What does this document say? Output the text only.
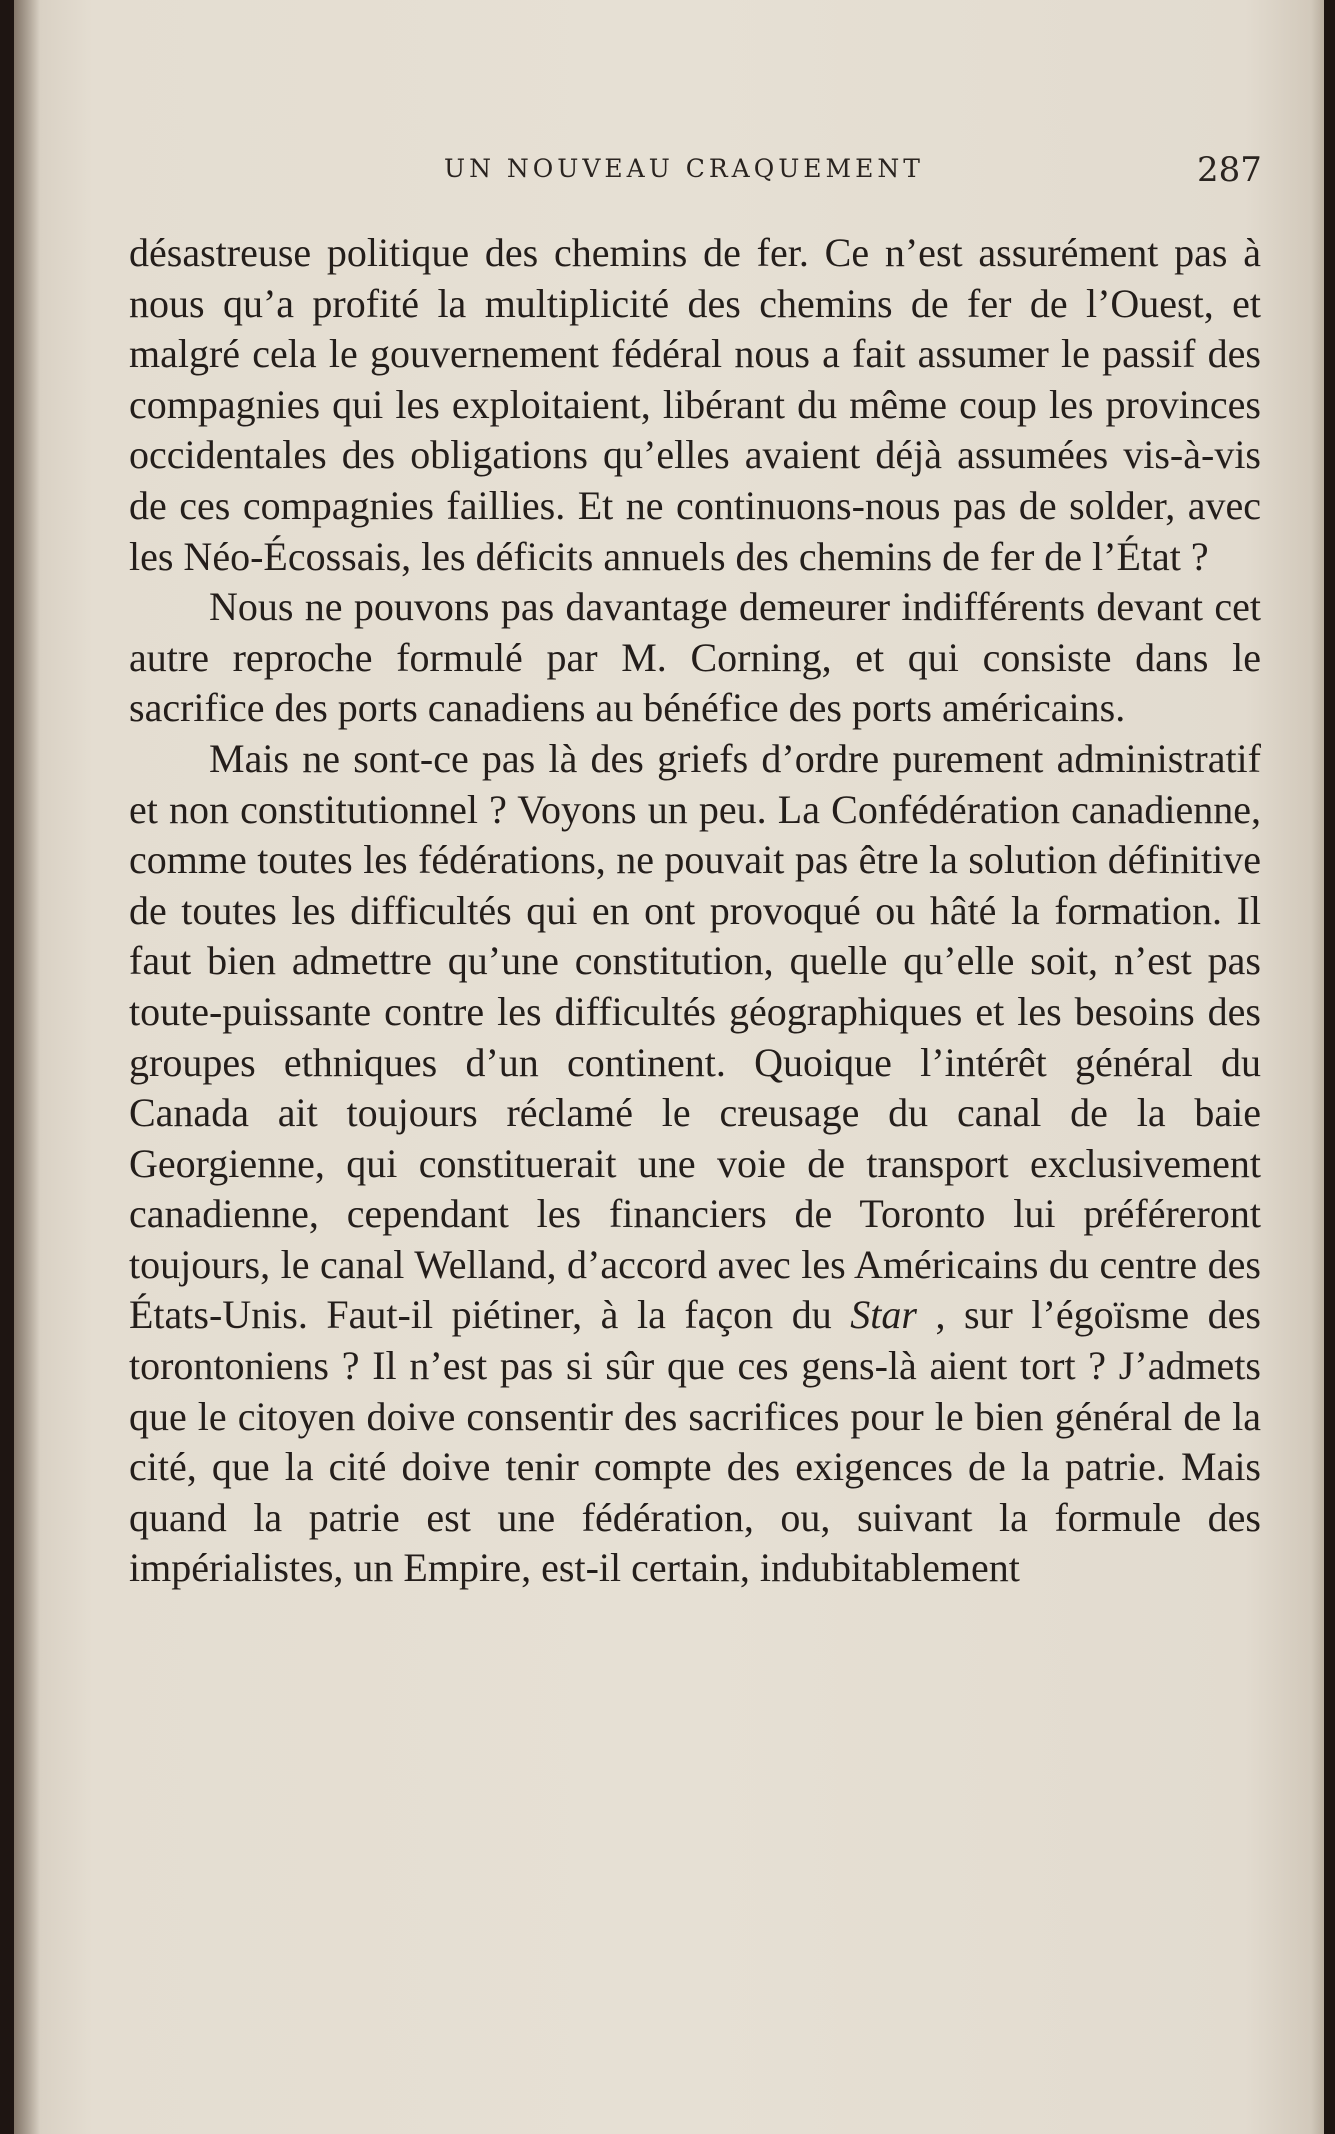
UN NOUVEAU CRAQUEMENT	287

désastreuse politique des chemins de fer. Ce n’est assurément pas à nous qu’a profité la multiplicité des chemins de fer de l’Ouest, et malgré cela le gouvernement fédéral nous a fait assumer le passif des compagnies qui les exploitaient, libérant du même coup les provinces occidentales des obligations qu’elles avaient déjà assumées vis-à-vis de ces compagnies faillies. Et ne continuons-nous pas de solder, avec les Néo-Écossais, les déficits annuels des chemins de fer de l’État ?

Nous ne pouvons pas davantage demeurer indifférents devant cet autre reproche formulé par M. Corning, et qui consiste dans le sacrifice des ports canadiens au bénéfice des ports américains.

Mais ne sont-ce pas là des griefs d’ordre purement administratif et non constitutionnel ? Voyons un peu. La Confédération canadienne, comme toutes les fédérations, ne pouvait pas être la solution définitive de toutes les difficultés qui en ont provoqué ou hâté la formation. Il faut bien admettre qu’une constitution, quelle qu’elle soit, n’est pas toute-puissante contre les difficultés géographiques et les besoins des groupes ethniques d’un continent. Quoique l’intérêt général du Canada ait toujours réclamé le creusage du canal de la baie Georgienne, qui constituerait une voie de transport exclusivement canadienne, cependant les financiers de Toronto lui préféreront toujours, le canal Welland, d’accord avec les Américains du centre des États-Unis. Faut-il piétiner, à la façon du Star , sur l’égoïsme des torontoniens ? Il n’est pas si sûr que ces gens-là aient tort ? J’admets que le citoyen doive consentir des sacrifices pour le bien général de la cité, que la cité doive tenir compte des exigences de la patrie. Mais quand la patrie est une fédération, ou, suivant la formule des impérialistes, un Empire, est-il certain, indubitablement
